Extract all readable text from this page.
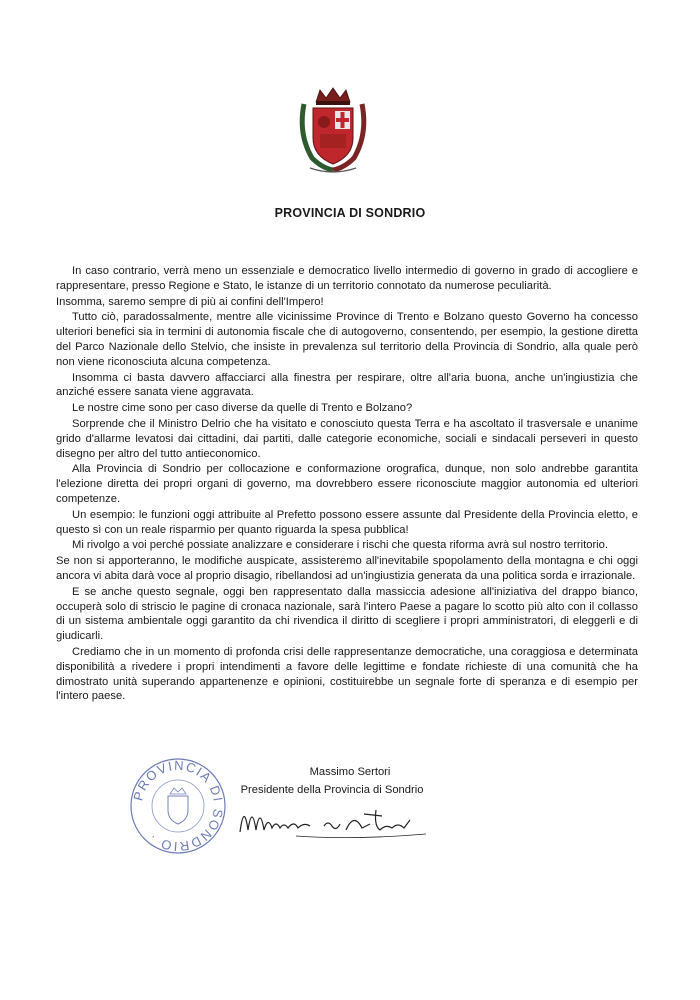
PROVINCIA DI SONDRIO

In caso contrario, verrà meno un essenziale e democratico livello intermedio di governo in grado di accogliere e rappresentare, presso Regione e Stato, le istanze di un territorio connotato da numerose peculiarità.

Insomma, saremo sempre di più ai confini dell'Impero!

Tutto ciò, paradossalmente, mentre alle vicinissime Province di Trento e Bolzano questo Governo ha concesso ulteriori benefici sia in termini di autonomia fiscale che di autogoverno, consentendo, per esempio, la gestione diretta del Parco Nazionale dello Stelvio, che insiste in prevalenza sul territorio della Provincia di Sondrio, alla quale però non viene riconosciuta alcuna competenza.

Insomma ci basta davvero affacciarci alla finestra per respirare, oltre all'aria buona, anche un'ingiustizia che anziché essere sanata viene aggravata.

Le nostre cime sono per caso diverse da quelle di Trento e Bolzano?

Sorprende che il Ministro Delrio che ha visitato e conosciuto questa Terra e ha ascoltato il trasversale e unanime grido d'allarme levatosi dai cittadini, dai partiti, dalle categorie economiche, sociali e sindacali perseveri in questo disegno per altro del tutto antieconomico.

Alla Provincia di Sondrio per collocazione e conformazione orografica, dunque, non solo andrebbe garantita l'elezione diretta dei propri organi di governo, ma dovrebbero essere riconosciute maggior autonomia ed ulteriori competenze.

Un esempio: le funzioni oggi attribuite al Prefetto possono essere assunte dal Presidente della Provincia eletto, e questo sì con un reale risparmio per quanto riguarda la spesa pubblica!

Mi rivolgo a voi perché possiate analizzare e considerare i rischi che questa riforma avrà sul nostro territorio.

Se non si apporteranno, le modifiche auspicate, assisteremo all'inevitabile spopolamento della montagna e chi oggi ancora vi abita darà voce al proprio disagio, ribellandosi ad un'ingiustizia generata da una politica sorda e irrazionale.

E se anche questo segnale, oggi ben rappresentato dalla massiccia adesione all'iniziativa del drappo bianco, occuperà solo di striscio le pagine di cronaca nazionale, sarà l'intero Paese a pagare lo scotto più alto con il collasso di un sistema ambientale oggi garantito da chi rivendica il diritto di scegliere i propri amministratori, di eleggerli e di giudicarli.

Crediamo che in un momento di profonda crisi delle rappresentanze democratiche, una coraggiosa e determinata disponibilità a rivedere i propri intendimenti a favore delle legittime e fondate richieste di una comunità che ha dimostrato unità superando appartenenze e opinioni, costituirebbe un segnale forte di speranza e di esempio per l'intero paese.

PROVINCIA DI SONDRIO ·
Massimo Sertori
Presidente della Provincia di Sondrio
